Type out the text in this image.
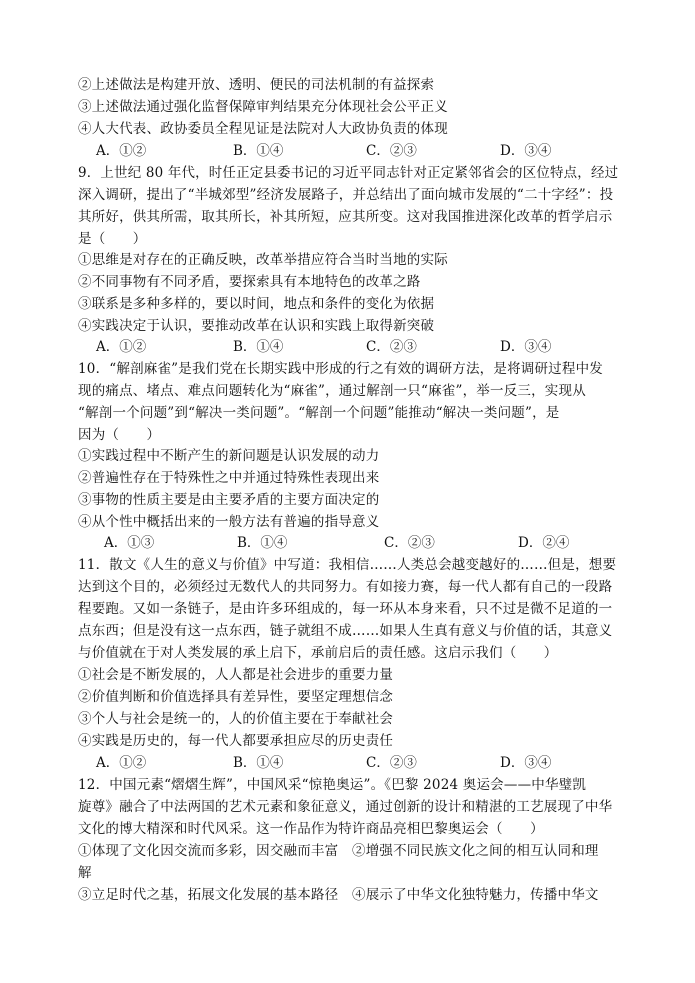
②上述做法是构建开放、透明、便民的司法机制的有益探索
③上述做法通过强化监督保障审判结果充分体现社会公平正义
④人大代表、政协委员全程见证是法院对人大政协负责的体现
A．①②	B．①④	C．②③	D．③④
9．上世纪 80 年代，时任正定县委书记的习近平同志针对正定紧邻省会的区位特点，经过
深入调研，提出了“半城郊型”经济发展路子，并总结出了面向城市发展的“二十字经”：投
其所好，供其所需，取其所长，补其所短，应其所变。这对我国推进深化改革的哲学启示
是（　　）
①思维是对存在的正确反映，改革举措应符合当时当地的实际
②不同事物有不同矛盾，要探索具有本地特色的改革之路
③联系是多种多样的，要以时间，地点和条件的变化为依据
④实践决定于认识，要推动改革在认识和实践上取得新突破
A．①②	B．①④	C．②③	D．③④
10．“解剖麻雀”是我们党在长期实践中形成的行之有效的调研方法，是将调研过程中发
现的痛点、堵点、难点问题转化为“麻雀”，通过解剖一只“麻雀”，举一反三，实现从
“解剖一个问题”到“解决一类问题”。“解剖一个问题”能推动“解决一类问题”，是
因为（　　）
①实践过程中不断产生的新问题是认识发展的动力
②普遍性存在于特殊性之中并通过特殊性表现出来
③事物的性质主要是由主要矛盾的主要方面决定的
④从个性中概括出来的一般方法有普遍的指导意义
A．①③	B．①④	C．②③	D．②④
11．散文《人生的意义与价值》中写道：我相信……人类总会越变越好的……但是，想要
达到这个目的，必须经过无数代人的共同努力。有如接力赛，每一代人都有自己的一段路
程要跑。又如一条链子，是由许多环组成的，每一环从本身来看，只不过是微不足道的一
点东西；但是没有这一点东西，链子就组不成……如果人生真有意义与价值的话，其意义
与价值就在于对人类发展的承上启下，承前启后的责任感。这启示我们（　　）
①社会是不断发展的，人人都是社会进步的重要力量
②价值判断和价值选择具有差异性，要坚定理想信念
③个人与社会是统一的，人的价值主要在于奉献社会
④实践是历史的，每一代人都要承担应尽的历史责任
A．①②	B．①④	C．②③	D．③④
12．中国元素“熠熠生辉”，中国风采“惊艳奥运”。《巴黎 2024 奥运会——中华璧凯
旋尊》融合了中法两国的艺术元素和象征意义，通过创新的设计和精湛的工艺展现了中华
文化的博大精深和时代风采。这一作品作为特许商品亮相巴黎奥运会（　　）
①体现了文化因交流而多彩，因交融而丰富　②增强不同民族文化之间的相互认同和理
解
③立足时代之基，拓展文化发展的基本路径　④展示了中华文化独特魅力，传播中华文
